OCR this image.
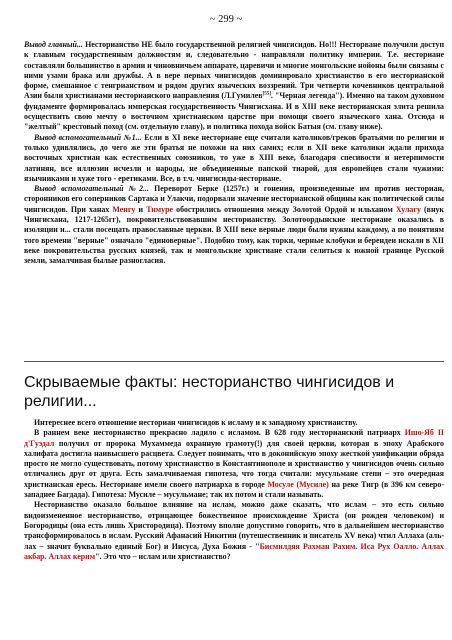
~ 299 ~

Вывод главный... Несторианство НЕ было государственной религией чингисидов. Но!!! Несторване получили доступ к главным государственным должностям и, следовательно - направляли политику империи. Т.е. несториане составляли большинство в армии и чиновничьем аппарате, царевичи и многие монгольские нойоны были связаны с ними узами брака или дружбы. А в вере первых чингисидов доминировало христианство в его несторианской форме, смешанное с тенгрианством и рядом других языческих воззрений. Три четверти кочевников центральной Азии были христианами несторианского направления (Л.Гумилев[55]. "Черная легенда"). Именно на таком духовном фундаменте формировалась имперская государственность Чингисхана. И в XIII веке несторианская элита решила осуществить свою мечту о восточном христианском царстве при помощи своего языческого хана. Отсюда и "желтый" крестовый поход (см. отдельную главу), и политика похода войск Батыя (см. главу ниже).

Вывод вспомогательный №1... Если в XI веке несториане еще считали католиков/греков братьями по религии и только удивлялись, до чего же эти братья не похожи на них самих; если в XII веке католики ждали прихода восточных христиан как естественных союзников, то уже в XIII веке, благодаря спесивости и нетерпимости латинян, все иллюзии исчезли и народы, не объединенные папской тиарой, для европейцев стали чужими: язычниками и хуже того - еретиками. Все, в т.ч. чингисиды-несториане.

Вывод вспомогательный №2... Переворот Берке (1257г.) и гонения, произведенные им против несториан, сторонников его соперников Сартака и Улакчи, подорвали значение несторианской общины как политической силы чингисидов. При ханах Менгу и Тимуре обострились отношения между Золотой Ордой и ильханом Хулагу (внук Чингисхана, 1217-1265гг), покровительствовавшим несторианству. Золотоордынские несториане оказались в изоляции и... стали посещать православные церкви. В XIII веке верные люди были нужны каждому, а по понятиям того времени "верные" означало "единоверные". Подобно тому, как торки, черные клобуки и берендеи искали в XII веке покровительства русских князей, так и монгольские христиане стали селиться к южной границе Русской земли, замалчивая былые разногласия.

Скрываемые факты: несторианство чингисидов и религии...

Интереснее всего отношение несториан чингисидов к исламу и к западному христианству.

В раннем веке несторианство прекрасно ладило с исламом. В 628 году несторианский патриарх Ишо-Яб II д'Гуэдал получил от пророка Мухаммеда охранную грамоту(!) для своей церкви, которая в эпоху Арабского халифата достигла наивысшего расцвета. Следует понимать, что в доконийскую эпоху жесткой унификации обряда просто не могло существовать, потому христианство в Константинополе и христианство у чингисидов очень сильно отличались друг от друга. Есть замалчиваемая гипотеза, что тогда считали: мусульмане степи – это очередная христианская ересь. Несториане имели своего патриарха в городе Мосуле (Мусиле) на реке Тигр (в 396 км северо-западнее Багдада). Гипотеза: Мусиле – мусульмане; так их потом и стали называть.

Несторианство оказало большое влияние на ислам, можно даже сказать, что ислам – это есть сильно видоизмененное несторианство, отрицающее божественное происхождение Христа (он рожден человеком) и Богородицы (она есть лишь Христородица). Поэтому вполне допустимо говорить, что в дальнейшем несторианство трансформировалось в ислам. Русский Афанасий Никитин (путешественник и писатель XV века) чтил Аллаха (аль-лах – значит буквально единый Бог) и Иисуса, Духа Божия - "Бисмилдяя Рахман Рахим. Иса Рух Оалло. Аллах акбар. Аллах керим". Это что – ислам или христианство?
